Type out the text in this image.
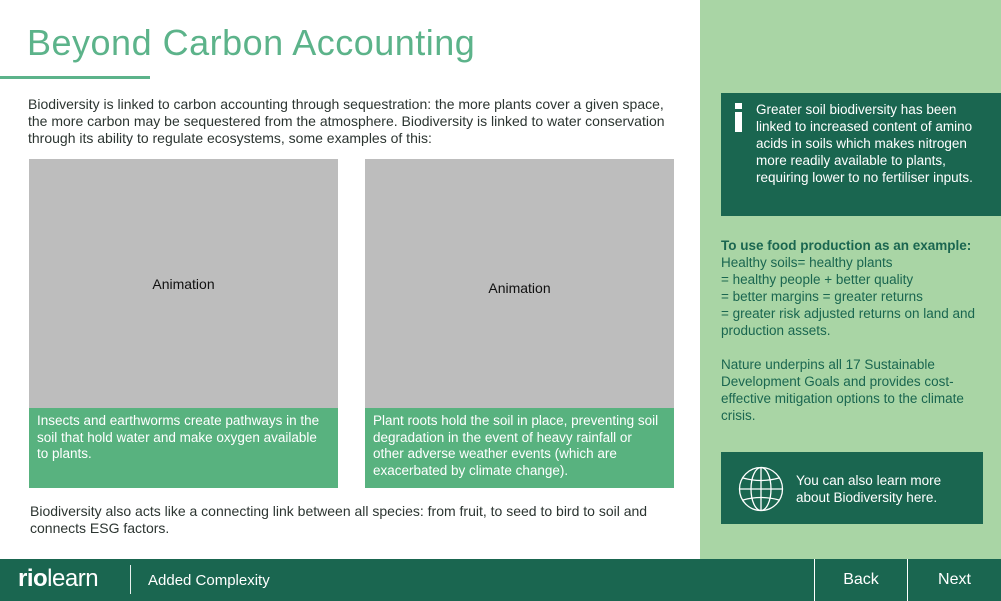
Beyond Carbon Accounting

Biodiversity is linked to carbon accounting through sequestration: the more plants cover a given space, the more carbon may be sequestered from the atmosphere. Biodiversity is linked to water conservation through its ability to regulate ecosystems, some examples of this:

Animation
Insects and earthworms create pathways in the soil that hold water and make oxygen available to plants.
Animation
Plant roots hold the soil in place, preventing soil degradation in the event of heavy rainfall or other adverse weather events (which are exacerbated by climate change).

Biodiversity also acts like a connecting link between all species: from fruit, to seed to bird to soil and connects ESG factors.

Greater soil biodiversity has been linked to increased content of amino acids in soils which makes nitrogen more readily available to plants, requiring lower to no fertiliser inputs.

To use food production as an example:

Healthy soils= healthy plants

= healthy people + better quality

= better margins = greater returns

= greater risk adjusted returns on land and production assets.

Nature underpins all 17 Sustainable Development Goals and provides cost-effective mitigation options to the climate crisis.

You can also learn more about Biodiversity here.

riolearn	Added Complexity	Back	Next
